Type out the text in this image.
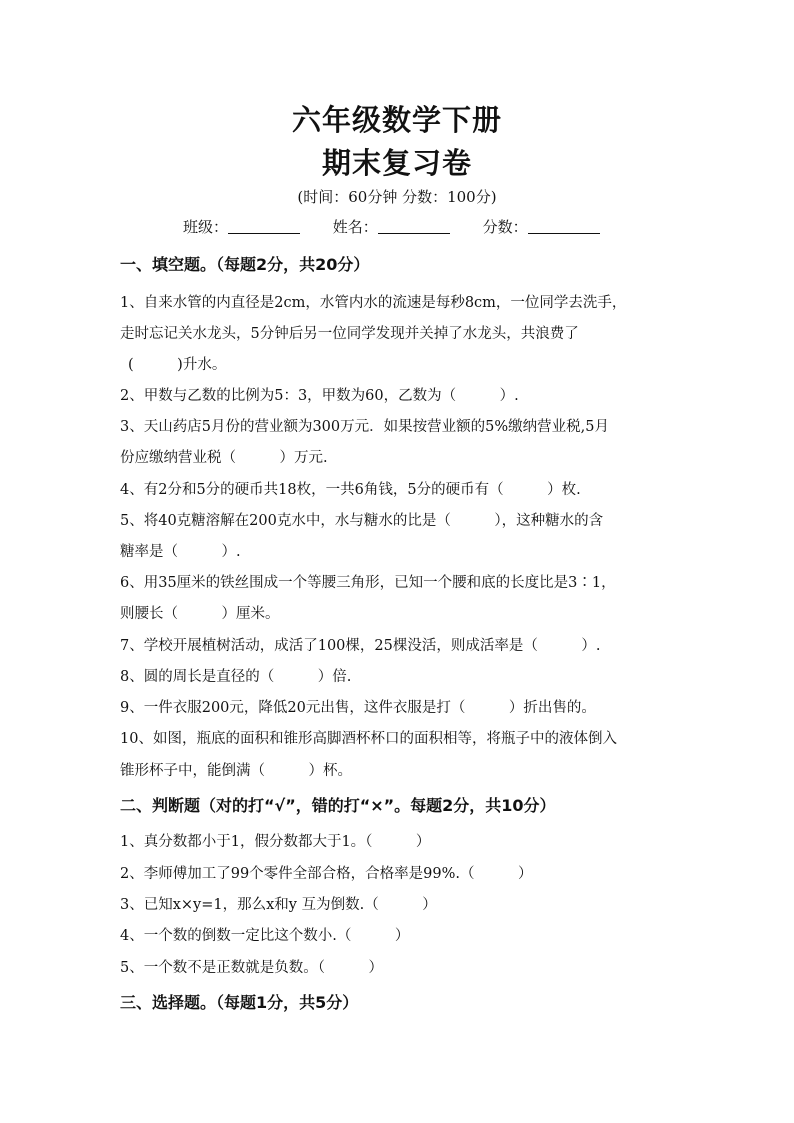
六年级数学下册
期末复习卷
(时间：60分钟 分数：100分)
班级：	姓名：	分数：
一、填空题。（每题2分，共20分）
1、自来水管的内直径是2cm，水管内水的流速是每秒8cm，一位同学去洗手，
走时忘记关水龙头，5分钟后另一位同学发现并关掉了水龙头，共浪费了
(　　　)升水。
2、甲数与乙数的比例为5：3，甲数为60，乙数为（　　　）.
3、天山药店5月份的营业额为300万元．如果按营业额的5%缴纳营业税,5月
份应缴纳营业税（　　　）万元.
4、有2分和5分的硬币共18枚，一共6角钱，5分的硬币有（　　　）枚.
5、将40克糖溶解在200克水中，水与糖水的比是（　　　），这种糖水的含
糖率是（　　　）.
6、用35厘米的铁丝围成一个等腰三角形，已知一个腰和底的长度比是3∶1，
则腰长（　　　）厘米。
7、学校开展植树活动，成活了100棵，25棵没活，则成活率是（　　　）.
8、圆的周长是直径的（　　　）倍.
9、一件衣服200元，降低20元出售，这件衣服是打（　　　）折出售的。
10、如图，瓶底的面积和锥形高脚酒杯杯口的面积相等，将瓶子中的液体倒入
锥形杯子中，能倒满（　　　）杯。
二、判断题（对的打“√”，错的打“×”。每题2分，共10分）
1、真分数都小于1，假分数都大于1。（　　　）
2、李师傅加工了99个零件全部合格，合格率是99%.（　　　）
3、已知x×y=1，那么x和y 互为倒数.（　　　）
4、一个数的倒数一定比这个数小.（　　　）
5、一个数不是正数就是负数。（　　　）
三、选择题。（每题1分，共5分）
